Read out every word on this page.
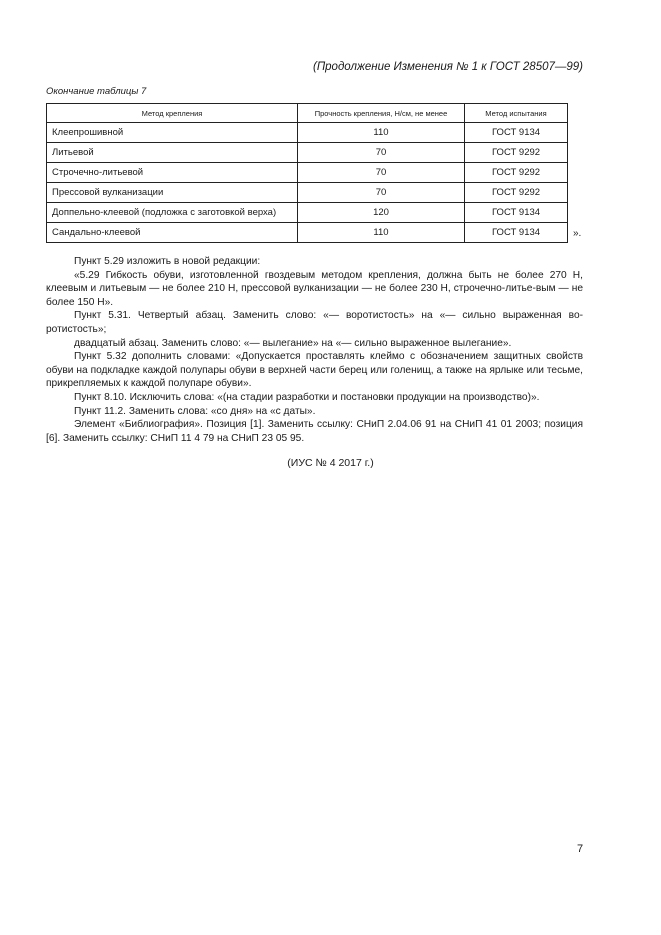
(Продолжение Изменения № 1 к ГОСТ 28507—99)
Окончание таблицы 7
Метод крепления	Прочность крепления, Н/см, не менее	Метод испытания
Клеепрошивной	110	ГОСТ 9134
Литьевой	70	ГОСТ 9292
Строчечно-литьевой	70	ГОСТ 9292
Прессовой вулканизации	70	ГОСТ 9292
Доппельно-клеевой (подложка с заготовкой верха)	120	ГОСТ 9134
Сандально-клеевой	110	ГОСТ 9134	».

Пункт 5.29 изложить в новой редакции:

«5.29 Гибкость обуви, изготовленной гвоздевым методом крепления, должна быть не более 270 Н, клеевым и литьевым — не более 210 Н, прессовой вулканизации — не более 230 Н, строчечно-литье-вым — не более 150 Н».

Пункт 5.31. Четвертый абзац. Заменить слово: «— воротистость» на «— сильно выраженная во-ротистость»;

двадцатый абзац. Заменить слово: «— вылегание» на «— сильно выраженное вылегание».

Пункт 5.32 дополнить словами: «Допускается проставлять клеймо с обозначением защитных свойств обуви на подкладке каждой полупары обуви в верхней части берец или голенищ, а также на ярлыке или тесьме, прикрепляемых к каждой полупаре обуви».

Пункт 8.10. Исключить слова: «(на стадии разработки и постановки продукции на производство)».

Пункт 11.2. Заменить слова: «со дня» на «с даты».

Элемент «Библиография». Позиция [1]. Заменить ссылку: СНиП 2.04.06 91 на СНиП 41 01 2003; позиция [6]. Заменить ссылку: СНиП 11 4 79 на СНиП 23 05 95.

(ИУС № 4 2017 г.)
7
